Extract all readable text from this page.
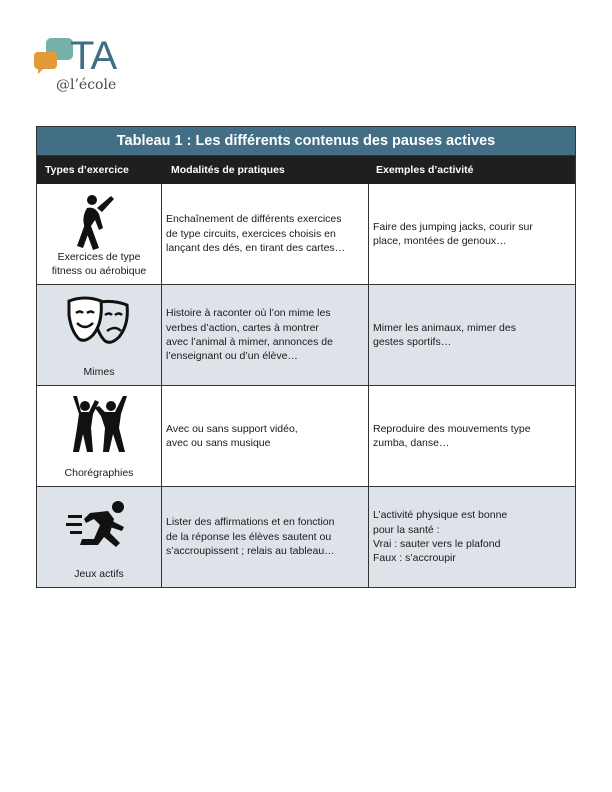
TA
@l’école
Tableau 1 : Les différents contenus des pauses actives
Types d’exercice	Modalités de pratiques	Exemples d’activité
Exercices de type
fitness ou aérobique
Enchaînement de différents exercices
de type circuits, exercices choisis en
lançant des dés, en tirant des cartes…
Faire des jumping jacks, courir sur
place, montées de genoux…
Mimes
Histoire à raconter où l’on mime les
verbes d’action, cartes à montrer
avec l’animal à mimer, annonces de
l’enseignant ou d’un élève…
Mimer les animaux, mimer des
gestes sportifs…
Chorégraphies
Avec ou sans support vidéo,
avec ou sans musique
Reproduire des mouvements type
zumba, danse…
Jeux actifs
Lister des affirmations et en fonction
de la réponse les élèves sautent ou
s’accroupissent ; relais au tableau…
L’activité physique est bonne
pour la santé :
Vrai : sauter vers le plafond
Faux : s’accroupir
